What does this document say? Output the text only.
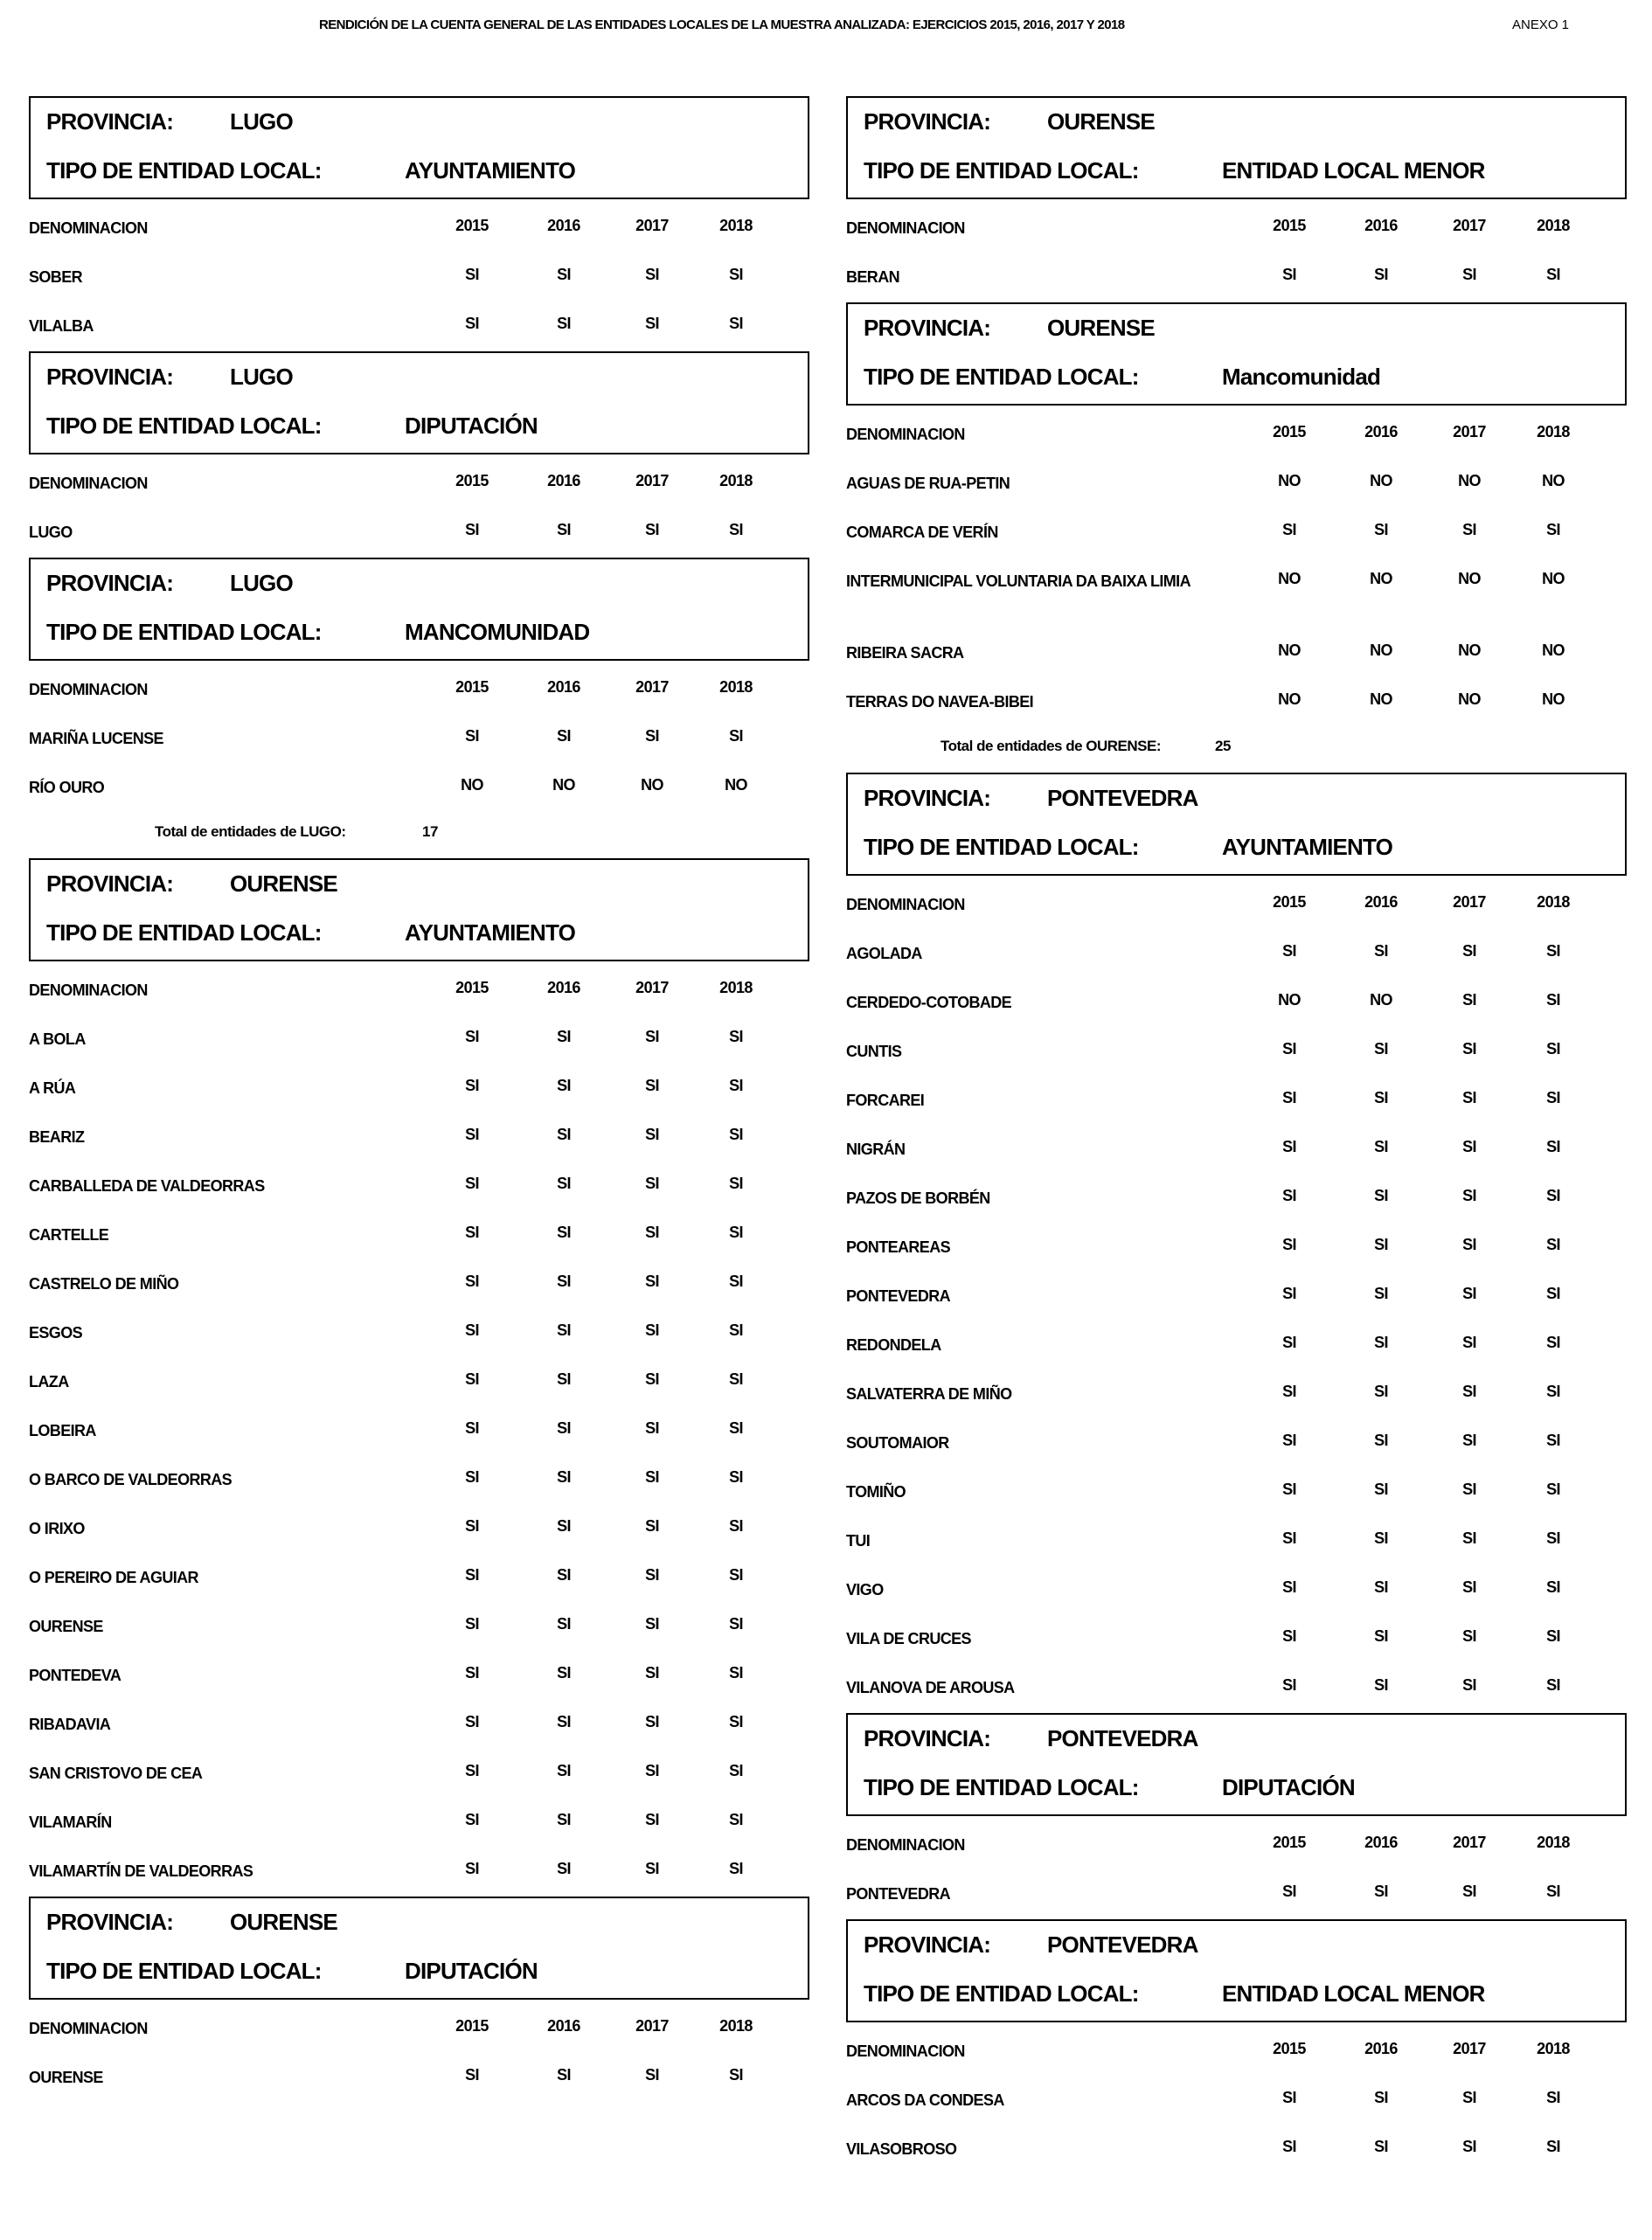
RENDICIÓN DE LA CUENTA GENERAL DE LAS ENTIDADES LOCALES DE LA MUESTRA ANALIZADA: EJERCICIOS 2015, 2016, 2017 Y 2018	ANEXO 1
PROVINCIA: LUGO
TIPO DE ENTIDAD LOCAL:	AYUNTAMIENTO
DENOMINACION	2015	2016	2017	2018
SOBER	SI	SI	SI	SI
VILALBA	SI	SI	SI	SI
PROVINCIA: LUGO
TIPO DE ENTIDAD LOCAL:	DIPUTACIÓN
DENOMINACION	2015	2016	2017	2018
LUGO	SI	SI	SI	SI
PROVINCIA: LUGO
TIPO DE ENTIDAD LOCAL:	MANCOMUNIDAD
DENOMINACION	2015	2016	2017	2018
MARIÑA LUCENSE	SI	SI	SI	SI
RÍO OURO	NO	NO	NO	NO
Total de entidades de LUGO:	17
PROVINCIA: OURENSE
TIPO DE ENTIDAD LOCAL:	AYUNTAMIENTO
DENOMINACION	2015	2016	2017	2018
A BOLA	SI	SI	SI	SI
A RÚA	SI	SI	SI	SI
BEARIZ	SI	SI	SI	SI
CARBALLEDA DE VALDEORRAS	SI	SI	SI	SI
CARTELLE	SI	SI	SI	SI
CASTRELO DE MIÑO	SI	SI	SI	SI
ESGOS	SI	SI	SI	SI
LAZA	SI	SI	SI	SI
LOBEIRA	SI	SI	SI	SI
O BARCO DE VALDEORRAS	SI	SI	SI	SI
O IRIXO	SI	SI	SI	SI
O PEREIRO DE AGUIAR	SI	SI	SI	SI
OURENSE	SI	SI	SI	SI
PONTEDEVA	SI	SI	SI	SI
RIBADAVIA	SI	SI	SI	SI
SAN CRISTOVO DE CEA	SI	SI	SI	SI
VILAMARÍN	SI	SI	SI	SI
VILAMARTÍN DE VALDEORRAS	SI	SI	SI	SI
PROVINCIA: OURENSE
TIPO DE ENTIDAD LOCAL:	DIPUTACIÓN
DENOMINACION	2015	2016	2017	2018
OURENSE	SI	SI	SI	SI
PROVINCIA: OURENSE
TIPO DE ENTIDAD LOCAL:	ENTIDAD LOCAL MENOR
DENOMINACION	2015	2016	2017	2018
BERAN	SI	SI	SI	SI
PROVINCIA: OURENSE
TIPO DE ENTIDAD LOCAL:	Mancomunidad
DENOMINACION	2015	2016	2017	2018
AGUAS DE RUA-PETIN	NO	NO	NO	NO
COMARCA DE VERÍN	SI	SI	SI	SI
INTERMUNICIPAL VOLUNTARIA DA BAIXA LIMIA	NO	NO	NO	NO
RIBEIRA SACRA	NO	NO	NO	NO
TERRAS DO NAVEA-BIBEI	NO	NO	NO	NO
Total de entidades de OURENSE:	25
PROVINCIA: PONTEVEDRA
TIPO DE ENTIDAD LOCAL:	AYUNTAMIENTO
DENOMINACION	2015	2016	2017	2018
AGOLADA	SI	SI	SI	SI
CERDEDO-COTOBADE	NO	NO	SI	SI
CUNTIS	SI	SI	SI	SI
FORCAREI	SI	SI	SI	SI
NIGRÁN	SI	SI	SI	SI
PAZOS DE BORBÉN	SI	SI	SI	SI
PONTEAREAS	SI	SI	SI	SI
PONTEVEDRA	SI	SI	SI	SI
REDONDELA	SI	SI	SI	SI
SALVATERRA DE MIÑO	SI	SI	SI	SI
SOUTOMAIOR	SI	SI	SI	SI
TOMIÑO	SI	SI	SI	SI
TUI	SI	SI	SI	SI
VIGO	SI	SI	SI	SI
VILA DE CRUCES	SI	SI	SI	SI
VILANOVA DE AROUSA	SI	SI	SI	SI
PROVINCIA: PONTEVEDRA
TIPO DE ENTIDAD LOCAL:	DIPUTACIÓN
DENOMINACION	2015	2016	2017	2018
PONTEVEDRA	SI	SI	SI	SI
PROVINCIA: PONTEVEDRA
TIPO DE ENTIDAD LOCAL:	ENTIDAD LOCAL MENOR
DENOMINACION	2015	2016	2017	2018
ARCOS DA CONDESA	SI	SI	SI	SI
VILASOBROSO	SI	SI	SI	SI
